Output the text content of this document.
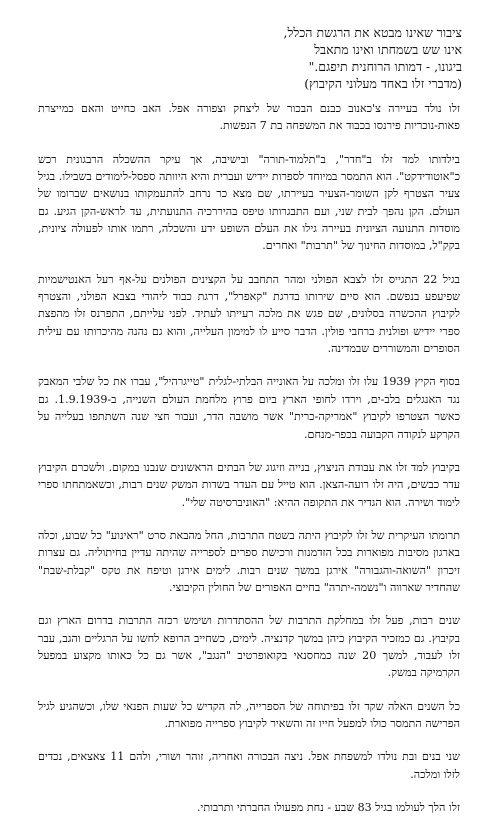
ציבור שאינו מבטא את הרגשת הכלל,
אינו שש בשמחתו ואינו מתאבל
ביגונו, - דמותו הרוחנית תיפגם."
(מדברי זלו באחד מעלוני הקיבוץ)

זלו נולד בעיירה צ'כאנוב כבנם הבכור של ליצחק וצפורה אפל. האב כחייט והאם כמייצרת פאות-נוכריות פירנסו בכבוד את המשפחה בת 7 הנפשות.

בילדותו למד זלו ב"חדר", ב"תלמוד-תורה" ובישיבה, אך עיקר ההשכלה הרבגונית רכש כ"אוטודידקט". הוא התמסר במיוחד לספרות יידיש ועברית והיא היוותה ספסל-לימודים בשבילו. בגיל צעיר הצטרף לקן השומר-הצעיר בעיירתו, שם מצא כר נרחב להתעמקותו בנושאים שברומו של העולם. הקן נהפך לבית שני, ועם התבגרותו טיפס בהיררכיה התנועתית, עד לראש-הקן הגיע. גם מוסדות התנועה הציונית בעיירה גילו את העלם השופע ידע והשכלה, רתמו אותו לפעולה ציונית, בקק"ל, במוסדות החינוך של "תרבות" ואחרים.

בגיל 22 התגייס זלו לצבא הפולני ומהר התחבב על הקצינים הפולנים על-אף רעל האנטישמיות שפיעפע בנפשם. הוא סיים שירותו בדרגת "קאפרל", דרגת כבוד ליהודי בצבא הפולני, והצטרף לקיבוץ ההכשרה בסלונים, שם פגש את מלכה רעייתו לעתיד. לפני עלייתם, התפרנס זלו מהפצת ספרי יידיש ופולנית ברחבי פולין. הדבר סייע לו למימון העלייה, והוא גם נהנה מהיכרותו עם עילית הסופרים והמשוררים שבמדינה.

בסוף הקיץ 1939 עלו זלו ומלכה על האונייה הבלתי-לגלית "טייגרהיל", עברו את כל שלבי המאבק נגד האנגלים בלב-ים, וירדו לחופי הארץ ביום פרוץ מלחמת העולם השנייה, ב-1.9.1939. גם כאשר הצטרפו לקיבוץ "אמריקה-כרית" אשר מושבה הדר, ועבור חצי שנה השתתפו בעלייה על הקרקע לנקודה הקבועה בכפר-מנחם.

בקיבוץ למד זלו את עבודת הניצוץ, בנייה וזיגוג של הבתים הראשונים שנבנו במקום. ולשכרם הקיבוץ עדר כבשים, היה זלו רועה-הצאן. הוא טייל עם העדר בשדות המשק שנים רבות, וכשאמתחתו ספרי לימוד ושירה. הוא הגדיר את התקופה ההיא: "האוניברסיטה שלי".

תרומתו העיקרית של זלו לקיבוץ היתה בשטח התרבות, החל מהבאת סרט "ראינוע" כל שבוע, וכלה בארגון מסיבות מפוארות בכל הזדמנות ורכישת ספרים לספרייה שהיתה עדיין בחיתוליה. גם עצרות זיכרון "השואה-והגבורה" אירגן במשך שנים רבות. לימים אירגן וטיפח את טקס "קבלת-שבת" שהחדיר שארווה ו"נשמה-יתרה" בחיים האפורים של החולין הקיבוצי.

שנים רבות, פעל זלו במחלקת התרבות של ההסתדרות ושימש רכזה התרבות בדרום הארץ וגם בקיבוץ. גם כמזכיר הקיבוץ כיהן במשך קדנציה. לימים, כשחייב הרופא לחשו על הרגליים והגב, עבר זלו לעבוד, למשך 20 שנה כמחסנאי בקואופרטיב "הנגב", אשר גם כל כאותו מקצוע במפעל הקרמיקה במשק.

כל השנים האלה שקד זלו בפיתוחה של הספרייה, לה הקדיש כל שעות הפנאי שלו, וכשהגיע לגיל הפרישה התמסר כולו למפעל חייו זה והשאיר לקיבוץ ספרייה מפוארת.

שני בנים ובת נולדו למשפחת אפל. ניצה הבכורה ואחריה, זוהר ושורי, ולהם 11 צאצאים, נכדים לזלו ומלכה.

זלו הלך לעולמו בגיל 83 שבע - נחת מפעולו החברתי ותרבותי.
